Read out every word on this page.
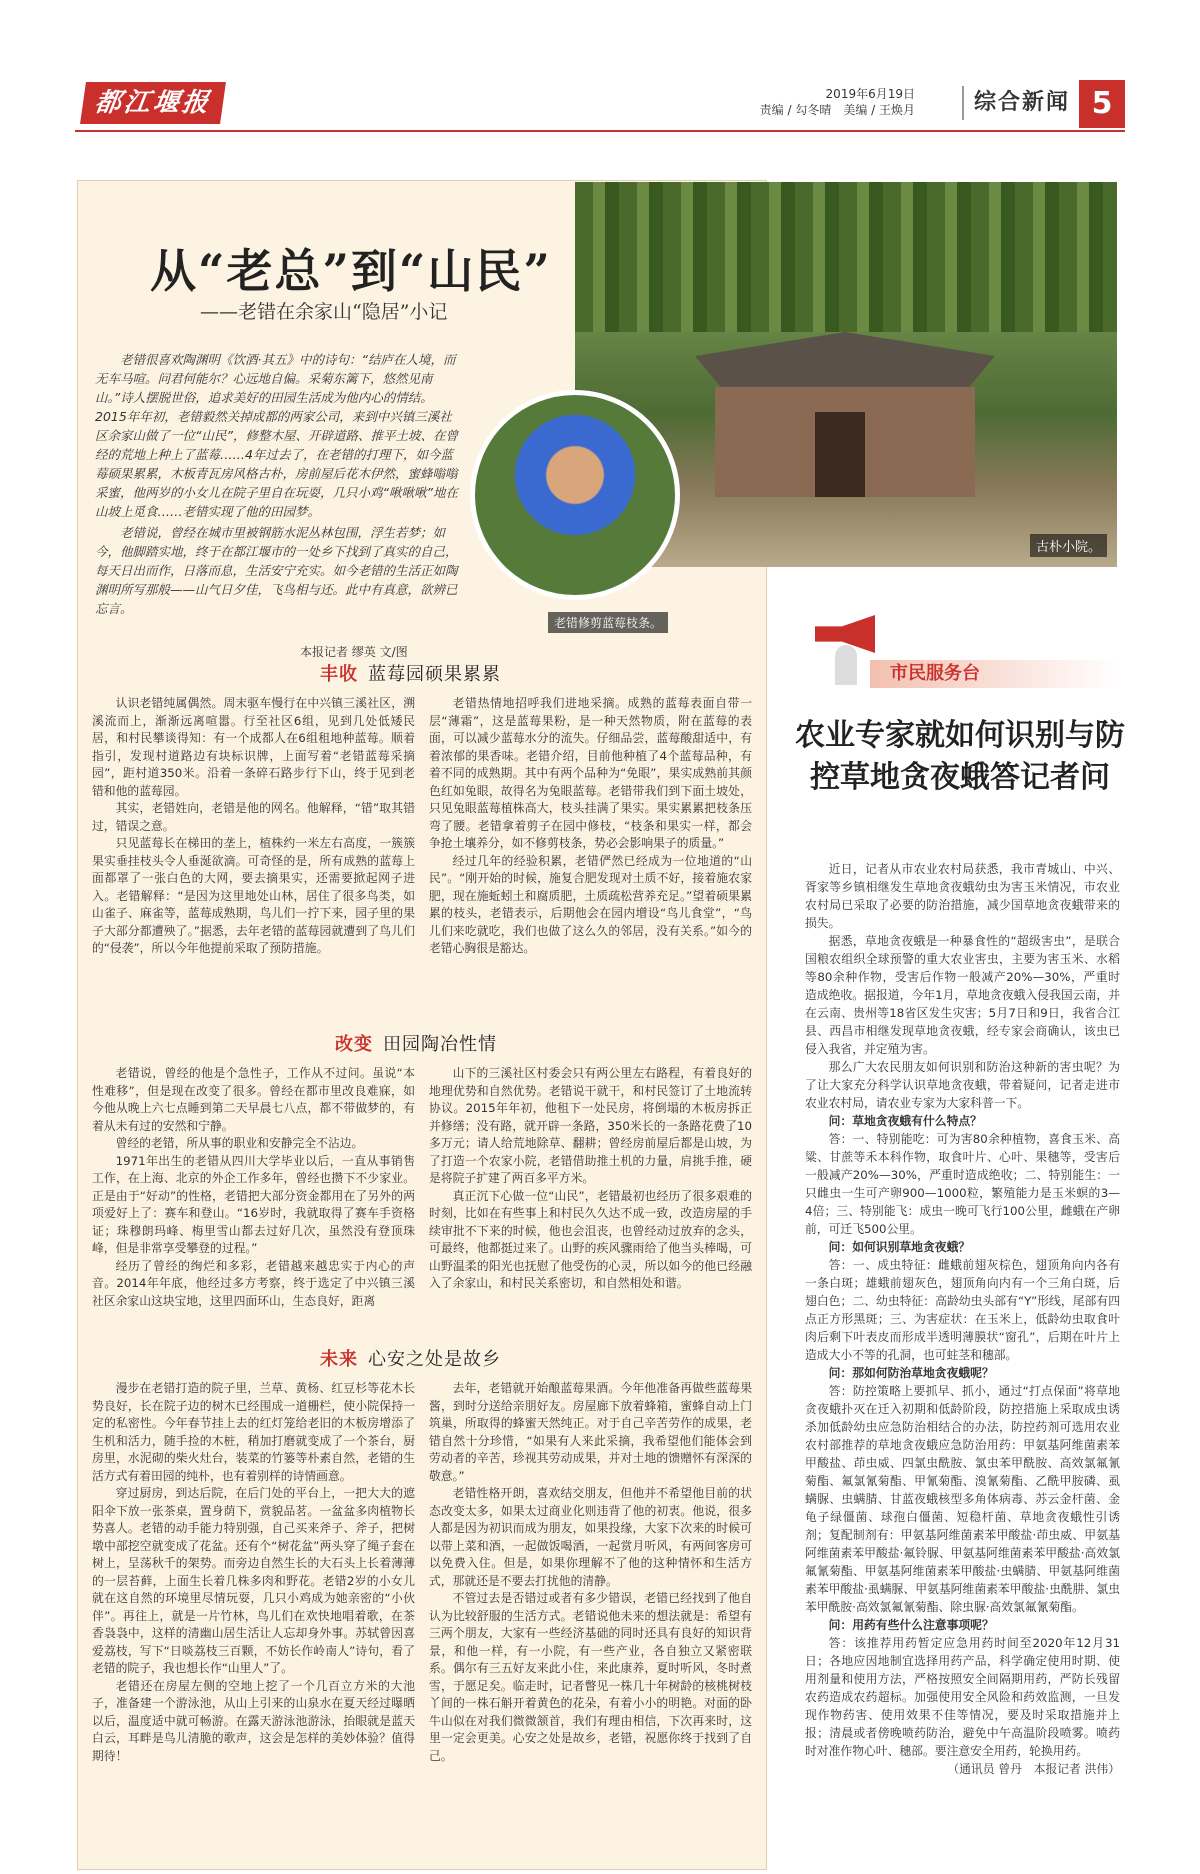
都江堰报	2019年6月19日
责编 / 勾冬晴　美编 / 王焕月	综合新闻 5
古朴小院。
从“老总”到“山民”
——老错在余家山“隐居”小记

老错很喜欢陶渊明《饮酒·其五》中的诗句：“结庐在人境，而无车马喧。问君何能尔？心远地自偏。采菊东篱下，悠然见南山。”诗人摆脱世俗，追求美好的田园生活成为他内心的情结。2015年年初，老错毅然关掉成都的两家公司，来到中兴镇三溪社区余家山做了一位“山民”，修整木屋、开辟道路、推平土坡、在曾经的荒地上种上了蓝莓……4年过去了，在老错的打理下，如今蓝莓硕果累累，木板青瓦房风格古朴，房前屋后花木伊然，蜜蜂嗡嗡采蜜，他两岁的小女儿在院子里自在玩耍，几只小鸡“啾啾啾”地在山坡上觅食……老错实现了他的田园梦。

老错说，曾经在城市里被钢筋水泥丛林包围，浮生若梦；如今，他脚踏实地，终于在都江堰市的一处乡下找到了真实的自己，每天日出而作，日落而息，生活安宁充实。如今老错的生活正如陶渊明所写那般——山气日夕佳，飞鸟相与还。此中有真意，欲辨已忘言。

老错修剪蓝莓枝条。
本报记者 缪英 文/图
丰收 蓝莓园硕果累累

认识老错纯属偶然。周末驱车慢行在中兴镇三溪社区，溯溪流而上，渐渐远离喧嚣。行至社区6组，见到几处低矮民居，和村民攀谈得知：有一个成都人在6组租地种蓝莓。顺着指引，发现村道路边有块标识牌，上面写着“老错蓝莓采摘园”，距村道350米。沿着一条碎石路步行下山，终于见到老错和他的蓝莓园。

其实，老错姓向，老错是他的网名。他解释，“错”取其错过，错误之意。

只见蓝莓长在梯田的垄上，植株约一米左右高度，一簇簇果实垂挂枝头令人垂涎欲滴。可奇怪的是，所有成熟的蓝莓上面都罩了一张白色的大网，要去摘果实，还需要掀起网子进入。老错解释：“是因为这里地处山林，居住了很多鸟类，如山雀子、麻雀等，蓝莓成熟期，鸟儿们一拧下来，园子里的果子大部分都遭殃了。”据悉，去年老错的蓝莓园就遭到了鸟儿们的“侵袭”，所以今年他提前采取了预防措施。

老错热情地招呼我们进地采摘。成熟的蓝莓表面自带一层“薄霜”，这是蓝莓果粉，是一种天然物质，附在蓝莓的表面，可以减少蓝莓水分的流失。仔细品尝，蓝莓酸甜适中，有着浓郁的果香味。老错介绍，目前他种植了4个蓝莓品种，有着不同的成熟期。其中有两个品种为“免眼”，果实成熟前其颜色红如兔眼，故得名为兔眼蓝莓。老错带我们到下面土坡处，只见兔眼蓝莓植株高大，枝头挂满了果实。果实累累把枝条压弯了腰。老错拿着剪子在园中修枝，“枝条和果实一样，都会争抢土壤养分，如不修剪枝条，势必会影响果子的质量。”

经过几年的经验积累，老错俨然已经成为一位地道的“山民”。“刚开始的时候，施复合肥发现对土质不好，接着施农家肥，现在施蚯蚓土和腐质肥，土质疏松营养充足。”望着硕果累累的枝头，老错表示，后期他会在园内增设“鸟儿食堂”，“鸟儿们来吃就吃，我们也做了这么久的邻居，没有关系。”如今的老错心胸很是豁达。

改变 田园陶冶性情

老错说，曾经的他是个急性子，工作从不过问。虽说“本性难移”，但是现在改变了很多。曾经在都市里改良难寐，如今他从晚上六七点睡到第二天早晨七八点，都不带做梦的，有着从未有过的安然和宁静。

曾经的老错，所从事的职业和安静完全不沾边。

1971年出生的老错从四川大学毕业以后，一直从事销售工作，在上海、北京的外企工作多年，曾经也攒下不少家业。正是由于“好动”的性格，老错把大部分资金都用在了另外的两项爱好上了：赛车和登山。“16岁时，我就取得了赛车手资格证；珠穆朗玛峰、梅里雪山都去过好几次，虽然没有登顶珠峰，但是非常享受攀登的过程。”

经历了曾经的绚烂和多彩，老错越来越忠实于内心的声音。2014年年底，他经过多方考察，终于选定了中兴镇三溪社区余家山这块宝地，这里四面环山，生态良好，距离

山下的三溪社区村委会只有两公里左右路程，有着良好的地理优势和自然优势。老错说干就干，和村民签订了土地流转协议。2015年年初，他租下一处民房，将倒塌的木板房拆正并修缮；没有路，就开辟一条路，350米长的一条路花费了10多万元；请人给荒地除草、翻耕；曾经房前屋后都是山坡，为了打造一个农家小院，老错借助推土机的力量，肩挑手推，硬是将院子扩建了两百多平方米。

真正沉下心做一位“山民”，老错最初也经历了很多艰难的时刻，比如在有些事上和村民久久达不成一致，改造房屋的手续审批不下来的时候，他也会沮丧，也曾经动过放弃的念头，可最终，他都挺过来了。山野的疾风骤雨给了他当头棒喝，可山野温柔的阳光也抚慰了他受伤的心灵，所以如今的他已经融入了余家山，和村民关系密切，和自然相处和谐。

未来 心安之处是故乡

漫步在老错打造的院子里，兰草、黄杨、红豆杉等花木长势良好，长在院子边的树木已经围成一道栅栏，使小院保持一定的私密性。今年春节挂上去的红灯笼给老旧的木板房增添了生机和活力，随手捡的木桩，稍加打磨就变成了一个茶台，厨房里，水泥砌的柴火灶台，装菜的竹篓等朴素自然，老错的生活方式有着田园的纯朴，也有着别样的诗情画意。

穿过厨房，到达后院，在后门处的平台上，一把大大的遮阳伞下放一张茶桌，置身荫下，赏貌品茗。一盆盆多肉植物长势喜人。老错的动手能力特别强，自己买来斧子、斧子，把树墩中部挖空就变成了花盆。还有个“树花盆”两头穿了绳子套在树上，呈荡秋千的架势。而旁边自然生长的大石头上长着薄薄的一层苔藓，上面生长着几株多肉和野花。老错2岁的小女儿就在这自然的环境里尽情玩耍，几只小鸡成为她亲密的“小伙伴”。再往上，就是一片竹林，鸟儿们在欢快地唱着歌，在茶香袅袅中，这样的清幽山居生活让人忘却身外事。苏轼曾因喜爱荔枝，写下“日啖荔枝三百颗，不妨长作岭南人”诗句，看了老错的院子，我也想长作“山里人”了。

老错还在房屋左侧的空地上挖了一个几百立方米的大池子，准备建一个游泳池，从山上引来的山泉水在夏天经过曝晒以后，温度适中就可畅游。在露天游泳池游泳，抬眼就是蓝天白云，耳畔是鸟儿清脆的歌声，这会是怎样的美妙体验？值得期待！

去年，老错就开始酿蓝莓果酒。今年他准备再做些蓝莓果酱，到时分送给亲朋好友。房屋廊下放着蜂箱，蜜蜂自动上门筑巢，所取得的蜂蜜天然纯正。对于自己辛苦劳作的成果，老错自然十分珍惜，“如果有人来此采摘，我希望他们能体会到劳动者的辛苦，珍视其劳动成果，并对土地的馈赠怀有深深的敬意。”

老错性格开朗，喜欢结交朋友，但他并不希望他目前的状态改变太多，如果太过商业化则违背了他的初衷。他说，很多人都是因为初识而成为朋友，如果投缘，大家下次来的时候可以带上菜和酒，一起做饭喝酒，一起赏月听风，有两间客房可以免费入住。但是，如果你理解不了他的这种情怀和生活方式，那就还是不要去打扰他的清静。

不管过去是否错过或者有多少错误，老错已经找到了他自认为比较舒服的生活方式。老错说他未来的想法就是：希望有三两个朋友，大家有一些经济基础的同时还具有良好的知识背景，和他一样，有一小院，有一些产业，各自独立又紧密联系。偶尔有三五好友来此小住，来此康养，夏时听风，冬时煮雪，于愿足矣。临走时，记者瞥见一株几十年树龄的核桃树枝丫间的一株石斛开着黄色的花朵，有着小小的明艳。对面的卧牛山似在对我们微微颔首，我们有理由相信，下次再来时，这里一定会更美。心安之处是故乡，老错，祝愿你终于找到了自己。

市民服务台
农业专家就如何识别与防控草地贪夜蛾答记者问

近日，记者从市农业农村局获悉，我市青城山、中兴、胥家等乡镇相继发生草地贪夜蛾幼虫为害玉米情况，市农业农村局已采取了必要的防治措施，减少国草地贪夜蛾带来的损失。

据悉，草地贪夜蛾是一种暴食性的“超级害虫”，是联合国粮农组织全球预警的重大农业害虫，主要为害玉米、水稻等80余种作物，受害后作物一般减产20%—30%，严重时造成绝收。据报道，今年1月，草地贪夜蛾入侵我国云南，并在云南、贵州等18省区发生灾害；5月7日和9日，我省合江县、西昌市相继发现草地贪夜蛾，经专家会商确认，该虫已侵入我省，并定殖为害。

那么广大农民朋友如何识别和防治这种新的害虫呢？为了让大家充分科学认识草地贪夜蛾，带着疑问，记者走进市农业农村局，请农业专家为大家科普一下。

问：草地贪夜蛾有什么特点？

答：一、特别能吃：可为害80余种植物，喜食玉米、高粱、甘蔗等禾本科作物，取食叶片、心叶、果穗等，受害后一般减产20%—30%，严重时造成绝收；二、特别能生：一只雌虫一生可产卵900—1000粒，繁殖能力是玉米螟的3—4倍；三、特别能飞：成虫一晚可飞行100公里，雌蛾在产卵前，可迁飞500公里。

问：如何识别草地贪夜蛾？

答：一、成虫特征：雌蛾前翅灰棕色，翅顶角向内各有一条白斑；雄蛾前翅灰色，翅顶角向内有一个三角白斑，后翅白色；二、幼虫特征：高龄幼虫头部有“Y”形线，尾部有四点正方形黑斑；三、为害症状：在玉米上，低龄幼虫取食叶肉后剩下叶表皮而形成半透明薄膜状“窗孔”，后期在叶片上造成大小不等的孔洞，也可蛀茎和穗部。

问：那如何防治草地贪夜蛾呢？

答：防控策略上要抓早、抓小，通过“打点保面”将草地贪夜蛾扑灭在迁入初期和低龄阶段，防控措施上采取成虫诱杀加低龄幼虫应急防治相结合的办法，防控药剂可选用农业农村部推荐的草地贪夜蛾应急防治用药：甲氨基阿维菌素苯甲酸盐、茚虫威、四氯虫酰胺、氯虫苯甲酰胺、高效氯氟氰菊酯、氟氯氰菊酯、甲氰菊酯、溴氰菊酯、乙酰甲胺磷、虱螨脲、虫螨腈、甘蓝夜蛾核型多角体病毒、苏云金杆菌、金龟子绿僵菌、球孢白僵菌、短稳杆菌、草地贪夜蛾性引诱剂；复配制剂有：甲氨基阿维菌素苯甲酸盐·茚虫威、甲氨基阿维菌素苯甲酸盐·氟铃脲、甲氨基阿维菌素苯甲酸盐·高效氯氟氰菊酯、甲氨基阿维菌素苯甲酸盐·虫螨腈、甲氨基阿维菌素苯甲酸盐·虱螨脲、甲氨基阿维菌素苯甲酸盐·虫酰肼、氯虫苯甲酰胺·高效氯氟氰菊酯、除虫脲·高效氯氟氰菊酯。

问：用药有些什么注意事项呢？

答：该推荐用药暂定应急用药时间至2020年12月31日；各地应因地制宜选择用药产品，科学确定使用时期、使用剂量和使用方法，严格按照安全间隔期用药，严防长残留农药造成农药超标。加强使用安全风险和药效监测，一旦发现作物药害、使用效果不佳等情况，要及时采取措施并上报；清晨或者傍晚喷药防治，避免中午高温阶段喷雾。喷药时对准作物心叶、穗部。要注意安全用药，轮换用药。

（通讯员 曾丹　本报记者 洪伟）
